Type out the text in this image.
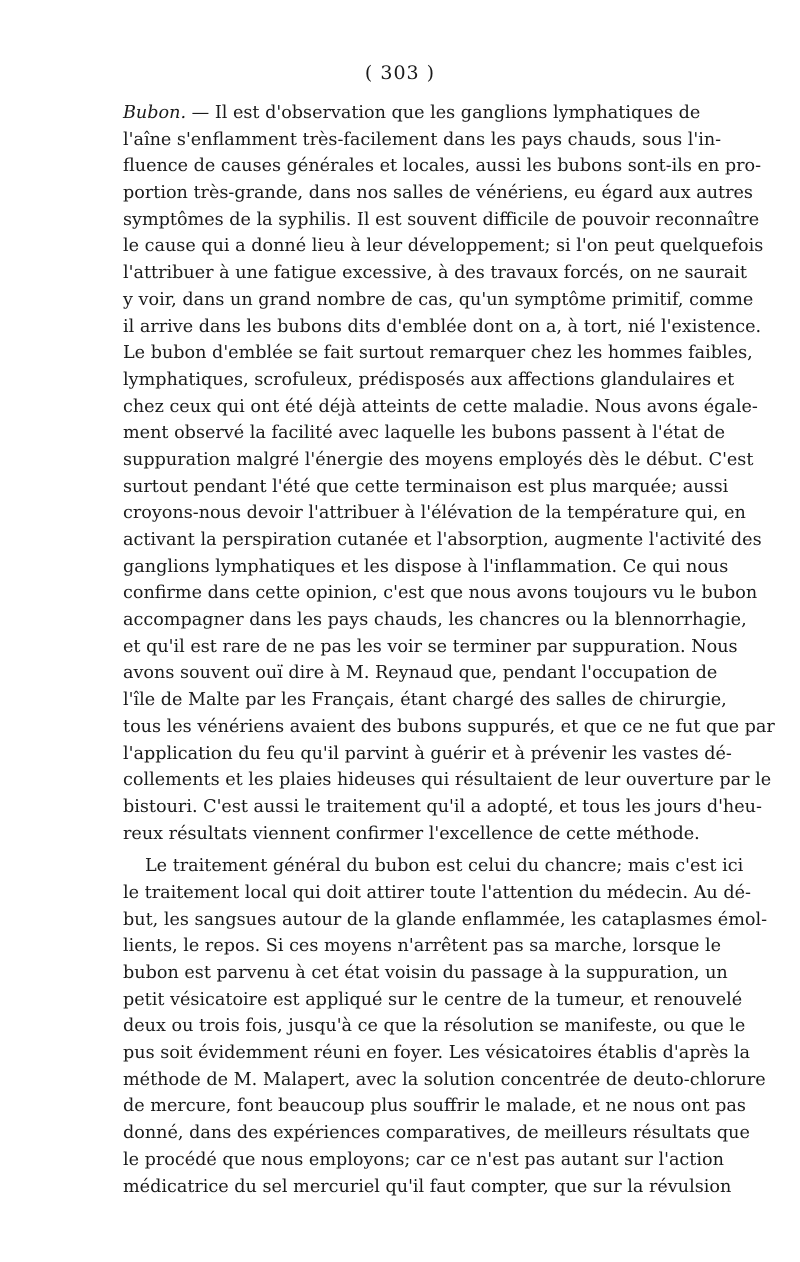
( 303 )
Bubon. — Il est d'observation que les ganglions lymphatiques de
l'aîne s'enflamment très-facilement dans les pays chauds, sous l'in-
fluence de causes générales et locales, aussi les bubons sont-ils en pro-
portion très-grande, dans nos salles de vénériens, eu égard aux autres
symptômes de la syphilis. Il est souvent difficile de pouvoir reconnaître
le cause qui a donné lieu à leur développement; si l'on peut quelquefois
l'attribuer à une fatigue excessive, à des travaux forcés, on ne saurait
y voir, dans un grand nombre de cas, qu'un symptôme primitif, comme
il arrive dans les bubons dits d'emblée dont on a, à tort, nié l'existence.
Le bubon d'emblée se fait surtout remarquer chez les hommes faibles,
lymphatiques, scrofuleux, prédisposés aux affections glandulaires et
chez ceux qui ont été déjà atteints de cette maladie. Nous avons égale-
ment observé la facilité avec laquelle les bubons passent à l'état de
suppuration malgré l'énergie des moyens employés dès le début. C'est
surtout pendant l'été que cette terminaison est plus marquée; aussi
croyons-nous devoir l'attribuer à l'élévation de la température qui, en
activant la perspiration cutanée et l'absorption, augmente l'activité des
ganglions lymphatiques et les dispose à l'inflammation. Ce qui nous
confirme dans cette opinion, c'est que nous avons toujours vu le bubon
accompagner dans les pays chauds, les chancres ou la blennorrhagie,
et qu'il est rare de ne pas les voir se terminer par suppuration. Nous
avons souvent ouï dire à M. Reynaud que, pendant l'occupation de
l'île de Malte par les Français, étant chargé des salles de chirurgie,
tous les vénériens avaient des bubons suppurés, et que ce ne fut que par
l'application du feu qu'il parvint à guérir et à prévenir les vastes dé-
collements et les plaies hideuses qui résultaient de leur ouverture par le
bistouri. C'est aussi le traitement qu'il a adopté, et tous les jours d'heu-
reux résultats viennent confirmer l'excellence de cette méthode.
Le traitement général du bubon est celui du chancre; mais c'est ici
le traitement local qui doit attirer toute l'attention du médecin. Au dé-
but, les sangsues autour de la glande enflammée, les cataplasmes émol-
lients, le repos. Si ces moyens n'arrêtent pas sa marche, lorsque le
bubon est parvenu à cet état voisin du passage à la suppuration, un
petit vésicatoire est appliqué sur le centre de la tumeur, et renouvelé
deux ou trois fois, jusqu'à ce que la résolution se manifeste, ou que le
pus soit évidemment réuni en foyer. Les vésicatoires établis d'après la
méthode de M. Malapert, avec la solution concentrée de deuto-chlorure
de mercure, font beaucoup plus souffrir le malade, et ne nous ont pas
donné, dans des expériences comparatives, de meilleurs résultats que
le procédé que nous employons; car ce n'est pas autant sur l'action
médicatrice du sel mercuriel qu'il faut compter, que sur la révulsion
